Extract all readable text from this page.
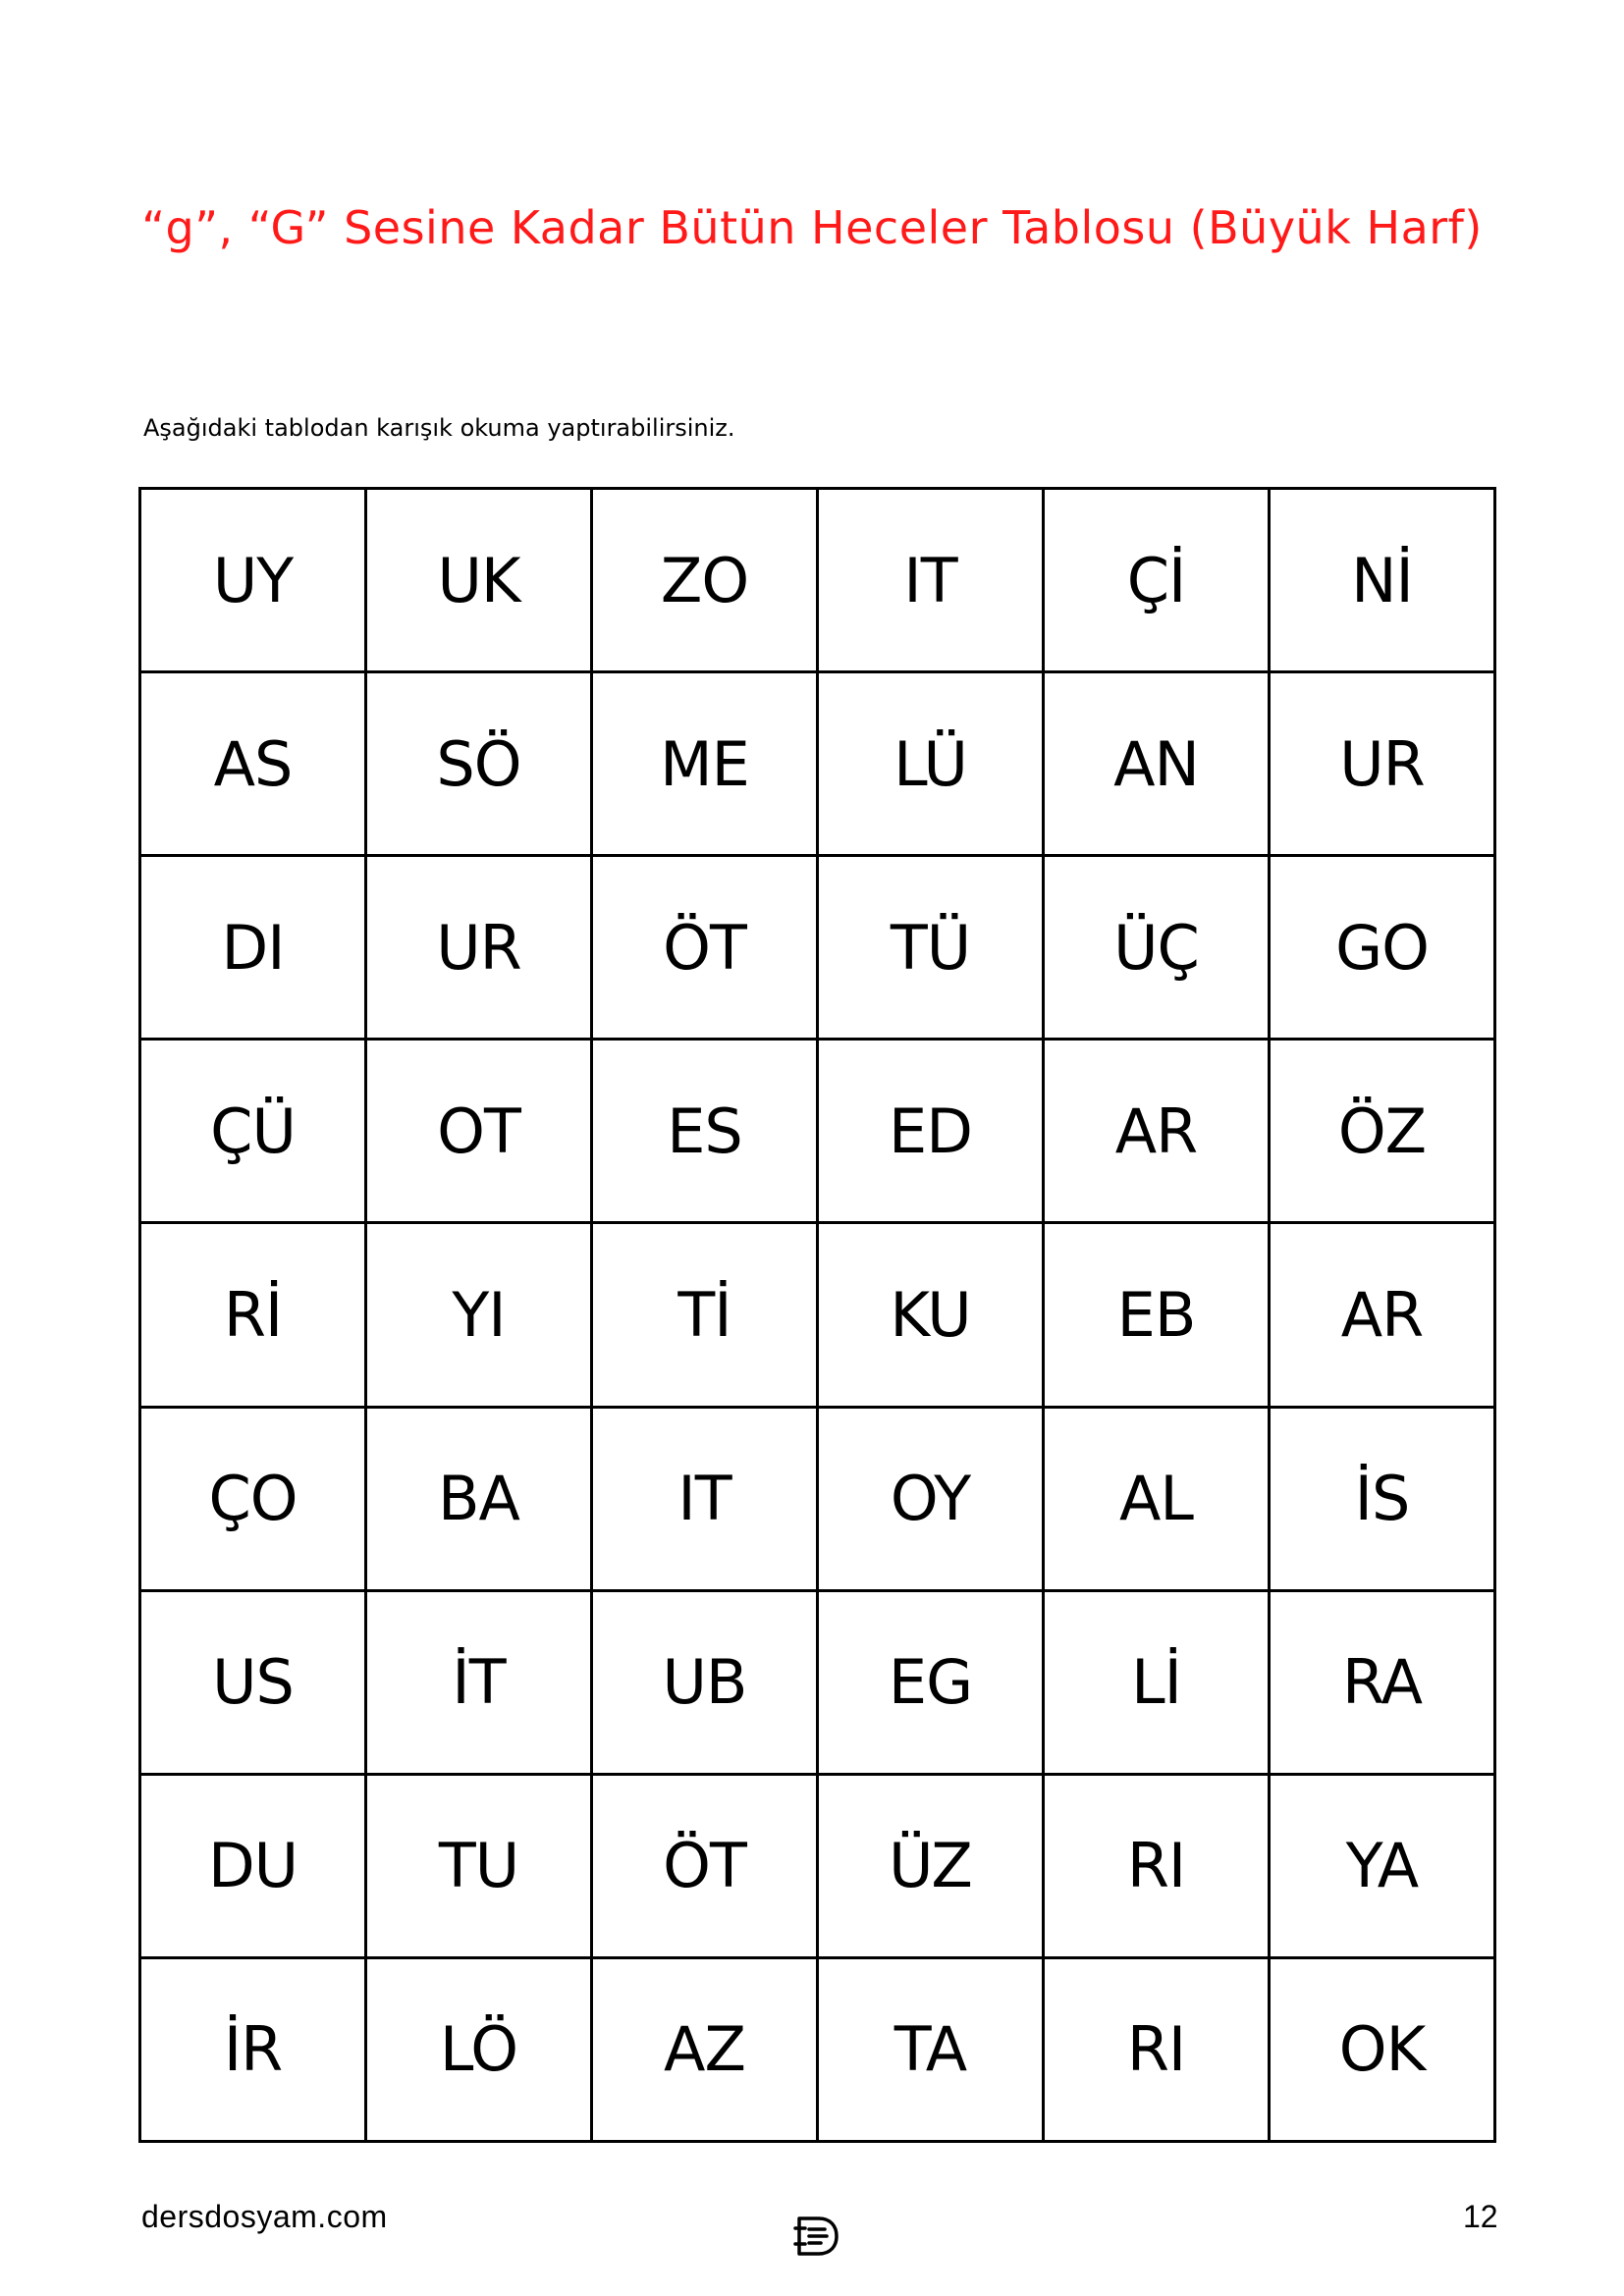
“g”, “G” Sesine Kadar Bütün Heceler Tablosu (Büyük Harf)
Aşağıdaki tablodan karışık okuma yaptırabilirsiniz.
UY	UK	ZO	IT	Çİ	Nİ
AS	SÖ	ME	LÜ	AN	UR
DI	UR	ÖT	TÜ	ÜÇ	GO
ÇÜ	OT	ES	ED	AR	ÖZ
Rİ	YI	Tİ	KU	EB	AR
ÇO	BA	IT	OY	AL	İS
US	İT	UB	EG	Lİ	RA
DU	TU	ÖT	ÜZ	RI	YA
İR	LÖ	AZ	TA	RI	OK
dersdosyam.com	12
